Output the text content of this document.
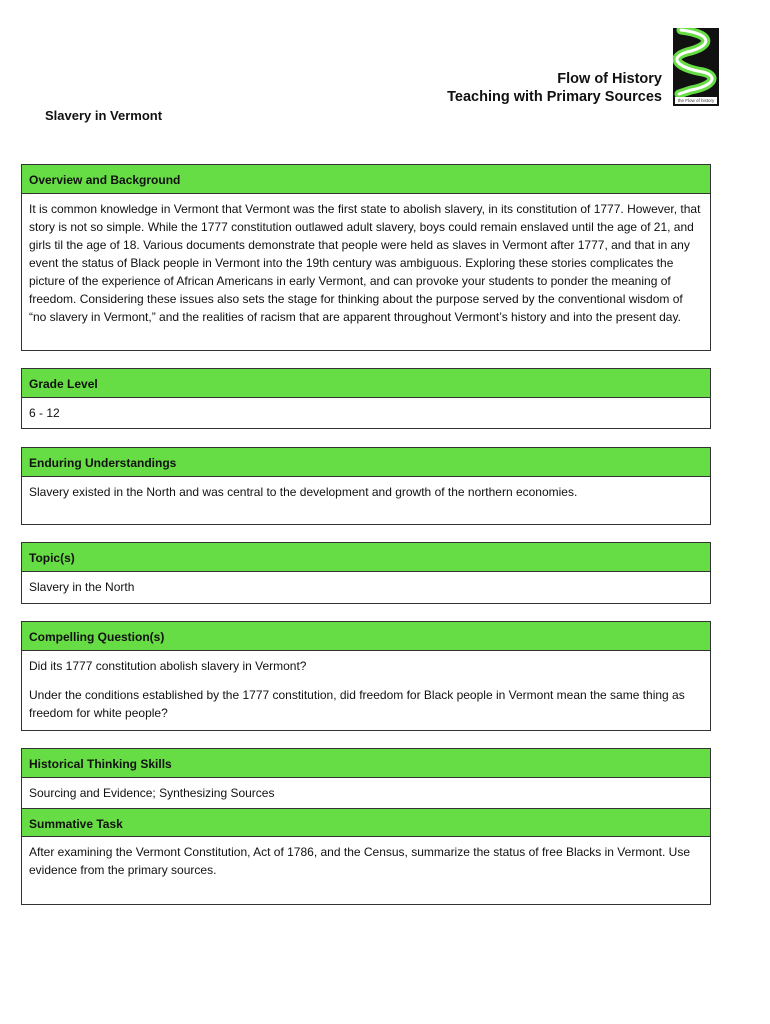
Flow of History
Teaching with Primary Sources	the Flow of history
Slavery in Vermont
Overview and Background

It is common knowledge in Vermont that Vermont was the first state to abolish slavery, in its constitution of 1777. However, that story is not so simple. While the 1777 constitution outlawed adult slavery, boys could remain enslaved until the age of 21, and girls til the age of 18. Various documents demonstrate that people were held as slaves in Vermont after 1777, and that in any event the status of Black people in Vermont into the 19th century was ambiguous. Exploring these stories complicates the picture of the experience of African Americans in early Vermont, and can provoke your students to ponder the meaning of freedom. Considering these issues also sets the stage for thinking about the purpose served by the conventional wisdom of “no slavery in Vermont,” and the realities of racism that are apparent throughout Vermont’s history and into the present day.

Grade Level

6 - 12

Enduring Understandings

Slavery existed in the North and was central to the development and growth of the northern economies.

Topic(s)

Slavery in the North

Compelling Question(s)

Did its 1777 constitution abolish slavery in Vermont?

Under the conditions established by the 1777 constitution, did freedom for Black people in Vermont mean the same thing as freedom for white people?

Historical Thinking Skills

Sourcing and Evidence; Synthesizing Sources

Summative Task

After examining the Vermont Constitution, Act of 1786, and the Census, summarize the status of free Blacks in Vermont. Use evidence from the primary sources.
